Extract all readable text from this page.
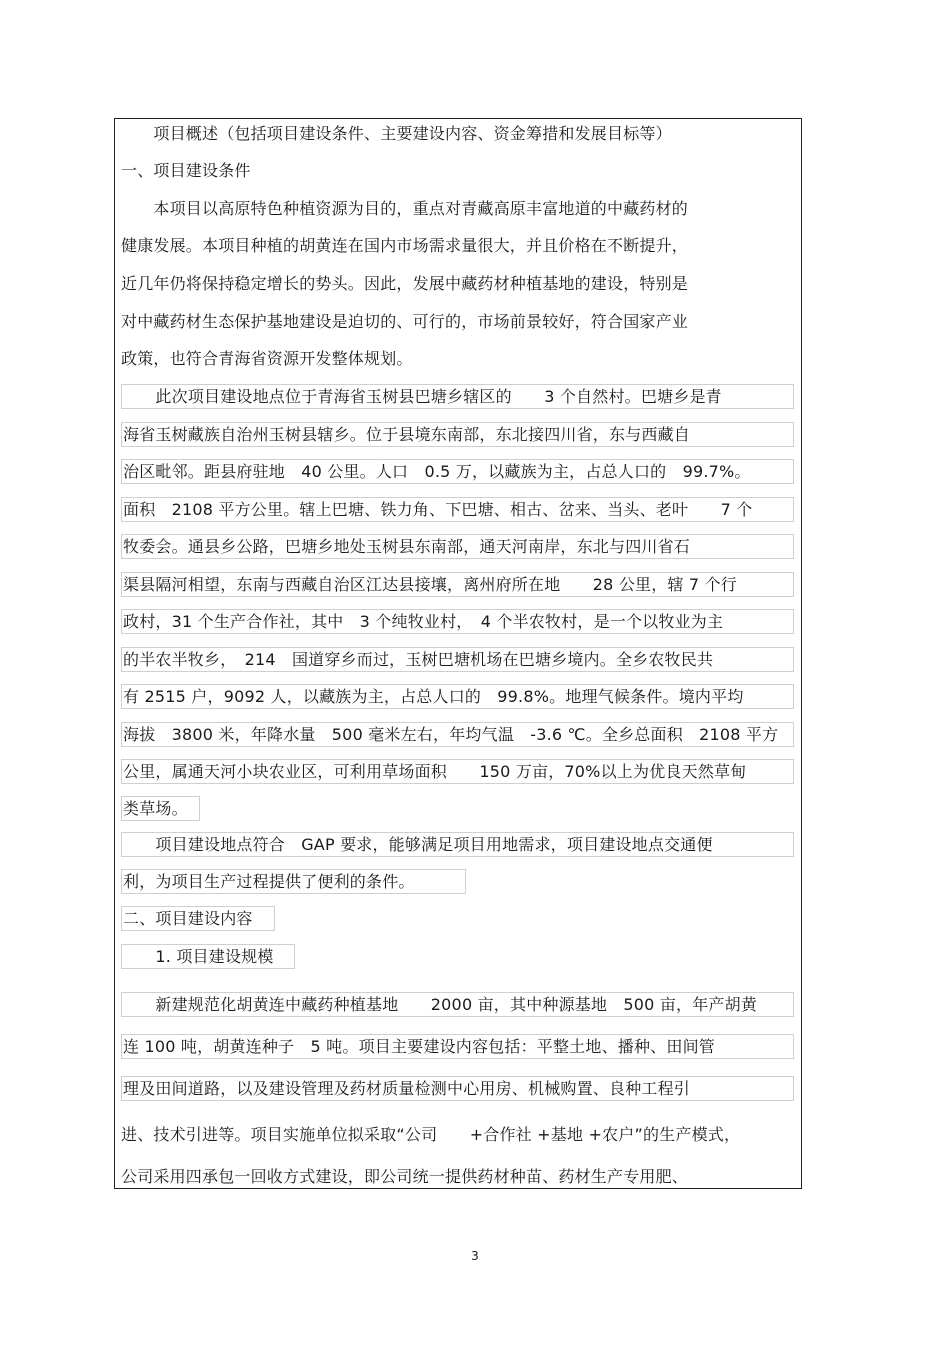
　　项目概述（包括项目建设条件、主要建设内容、资金筹措和发展目标等）
一、项目建设条件
　　本项目以高原特色种植资源为目的，重点对青藏高原丰富地道的中藏药材的
健康发展。本项目种植的胡黄连在国内市场需求量很大，并且价格在不断提升，
近几年仍将保持稳定增长的势头。因此，发展中藏药材种植基地的建设，特别是
对中藏药材生态保护基地建设是迫切的、可行的，市场前景较好，符合国家产业
政策，也符合青海省资源开发整体规划。
　　此次项目建设地点位于青海省玉树县巴塘乡辖区的　　3 个自然村。巴塘乡是青
海省玉树藏族自治州玉树县辖乡。位于县境东南部，东北接四川省，东与西藏自
治区毗邻。距县府驻地　40 公里。人口　0.5 万，以藏族为主，占总人口的　99.7%。
面积　2108 平方公里。辖上巴塘、铁力角、下巴塘、相古、岔来、当头、老叶　　7 个
牧委会。通县乡公路，巴塘乡地处玉树县东南部，通天河南岸，东北与四川省石
渠县隔河相望，东南与西藏自治区江达县接壤，离州府所在地　　28 公里，辖 7 个行
政村，31 个生产合作社，其中　3 个纯牧业村，　4 个半农牧村，是一个以牧业为主
的半农半牧乡，　214　国道穿乡而过，玉树巴塘机场在巴塘乡境内。全乡农牧民共
有 2515 户，9092 人，以藏族为主，占总人口的　99.8%。地理气候条件。境内平均
海拔　3800 米，年降水量　500 毫米左右，年均气温　-3.6 ℃。全乡总面积　2108 平方
公里，属通天河小块农业区，可利用草场面积　　150 万亩，70%以上为优良天然草甸
类草场。
　　项目建设地点符合　GAP 要求，能够满足项目用地需求，项目建设地点交通便
利，为项目生产过程提供了便利的条件。
二、项目建设内容
　　1. 项目建设规模
　　新建规范化胡黄连中藏药种植基地　　2000 亩，其中种源基地　500 亩，年产胡黄
连 100 吨，胡黄连种子　5 吨。项目主要建设内容包括：平整土地、播种、田间管
理及田间道路，以及建设管理及药材质量检测中心用房、机械购置、良种工程引
进、技术引进等。项目实施单位拟采取“公司　　+合作社 +基地 +农户”的生产模式，
公司采用四承包一回收方式建设，即公司统一提供药材种苗、药材生产专用肥、
3
